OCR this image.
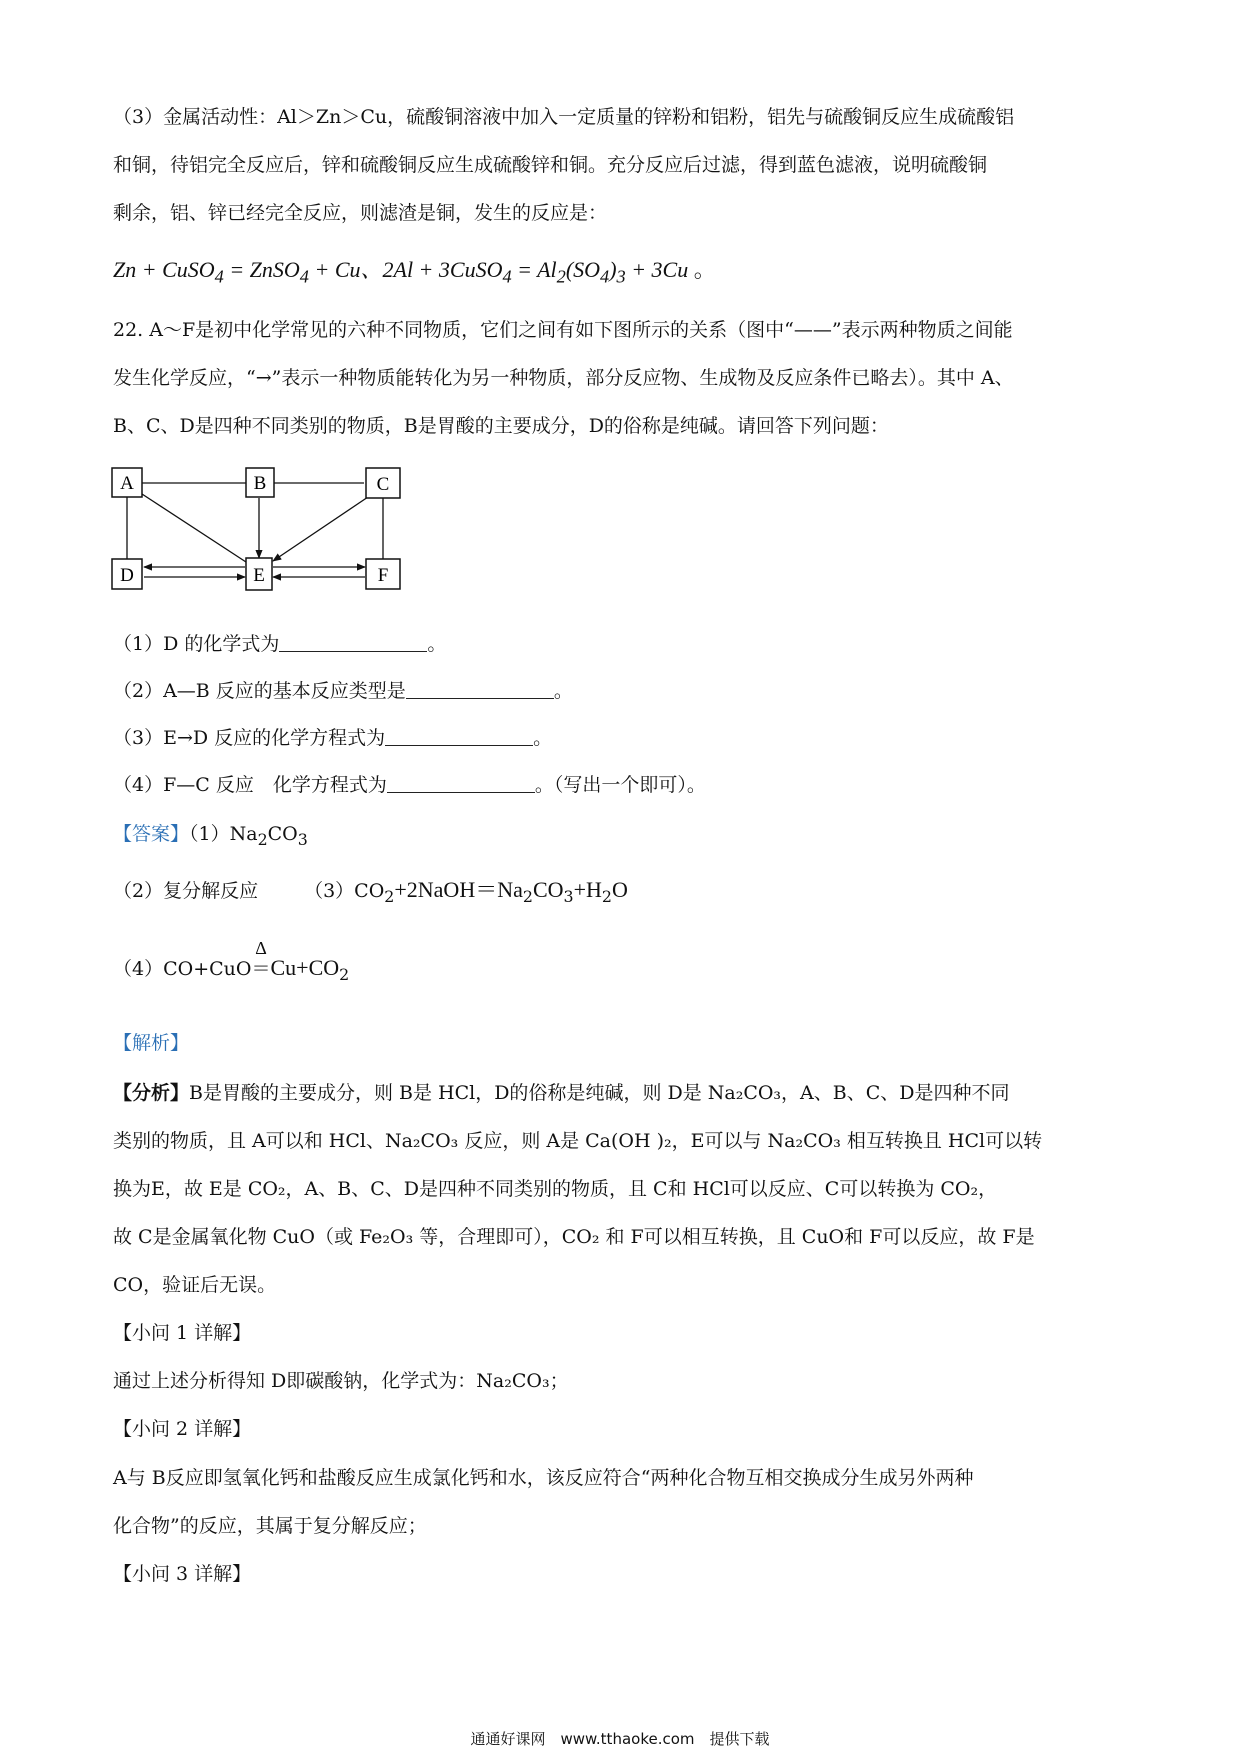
（3）金属活动性：Al＞Zn＞Cu，硫酸铜溶液中加入一定质量的锌粉和铝粉，铝先与硫酸铜反应生成硫酸铝
和铜，待铝完全反应后，锌和硫酸铜反应生成硫酸锌和铜。充分反应后过滤，得到蓝色滤液，说明硫酸铜
剩余，铝、锌已经完全反应，则滤渣是铜，发生的反应是：
Zn + CuSO$_4$ = ZnSO$_4$ + Cu、2Al + 3CuSO$_4$ = $Al_2(SO_4)_3 + 3Cu$ 。
22. A～F是初中化学常见的六种不同物质，它们之间有如下图所示的关系（图中“——”表示两种物质之间能
发生化学反应，“→”表示一种物质能转化为另一种物质，部分反应物、生成物及反应条件已略去）。其中 A、
B、C、D是四种不同类别的物质，B是胃酸的主要成分，D的俗称是纯碱。请回答下列问题：
A	B	C
D	E	F
（1）D 的化学式为	。
（2）A—B 反应的基本反应类型是	。
（3）E→D 反应的化学方程式为	。
（4）F—C 反应　化学方程式为	。（写出一个即可）。
【答案】$(1)Na_2CO_3$
（2）复分解反应 $(3)CO_2+2NaOH=Na_2CO_3+H_2O$
（4）CO+CuO
Δ
$=Cu+CO_2$
【解析】
【分析】B是胃酸的主要成分，则 B是 HCl，D的俗称是纯碱，则 D是 Na₂CO₃，A、B、C、D是四种不同
类别的物质，且 A可以和 HCl、Na₂CO₃ 反应，则 A是 Ca(OH )₂，E可以与 Na₂CO₃ 相互转换且 HCl可以转
换为E，故 E是 CO₂，A、B、C、D是四种不同类别的物质，且 C和 HCl可以反应、C可以转换为 CO₂，
故 C是金属氧化物 CuO（或 Fe₂O₃ 等，合理即可），CO₂ 和 F可以相互转换，且 CuO和 F可以反应，故 F是
CO，验证后无误。
【小问 1 详解】
通过上述分析得知 D即碳酸钠，化学式为：Na₂CO₃；
【小问 2 详解】
A与 B反应即氢氧化钙和盐酸反应生成氯化钙和水，该反应符合“两种化合物互相交换成分生成另外两种
化合物”的反应，其属于复分解反应；
【小问 3 详解】
通通好课网　www.tthaoke.com　提供下载
